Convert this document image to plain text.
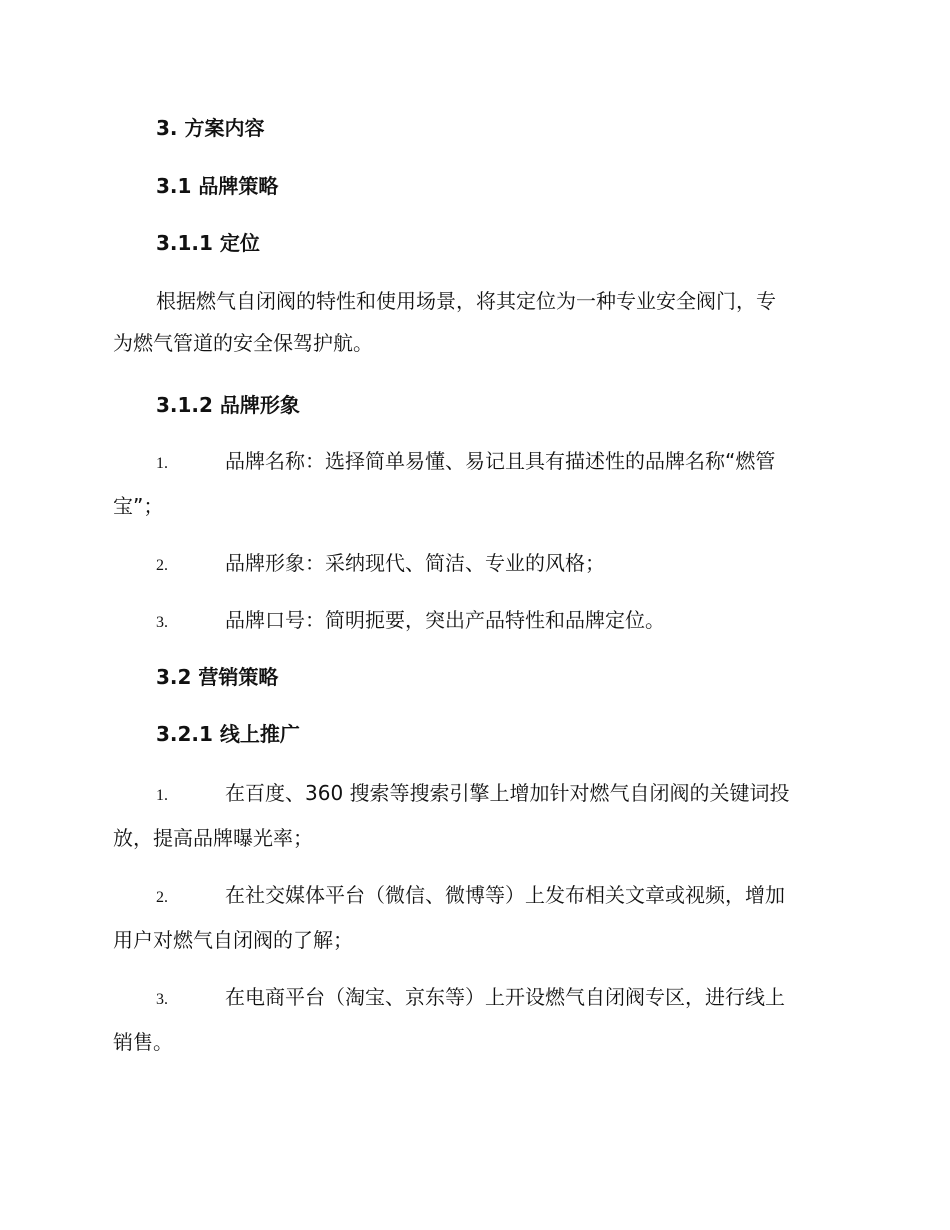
3. 方案内容
3.1 品牌策略
3.1.1 定位
根据燃气自闭阀的特性和使用场景，将其定位为一种专业安全阀门，专
为燃气管道的安全保驾护航。
3.1.2 品牌形象
1.	品牌名称：选择简单易懂、易记且具有描述性的品牌名称“燃管
宝”；
2.	品牌形象：采纳现代、简洁、专业的风格；
3.	品牌口号：简明扼要，突出产品特性和品牌定位。
3.2 营销策略
3.2.1 线上推广
1.	在百度、360 搜索等搜索引擎上增加针对燃气自闭阀的关键词投
放，提高品牌曝光率；
2.	在社交媒体平台（微信、微博等）上发布相关文章或视频，增加
用户对燃气自闭阀的了解；
3.	在电商平台（淘宝、京东等）上开设燃气自闭阀专区，进行线上
销售。
